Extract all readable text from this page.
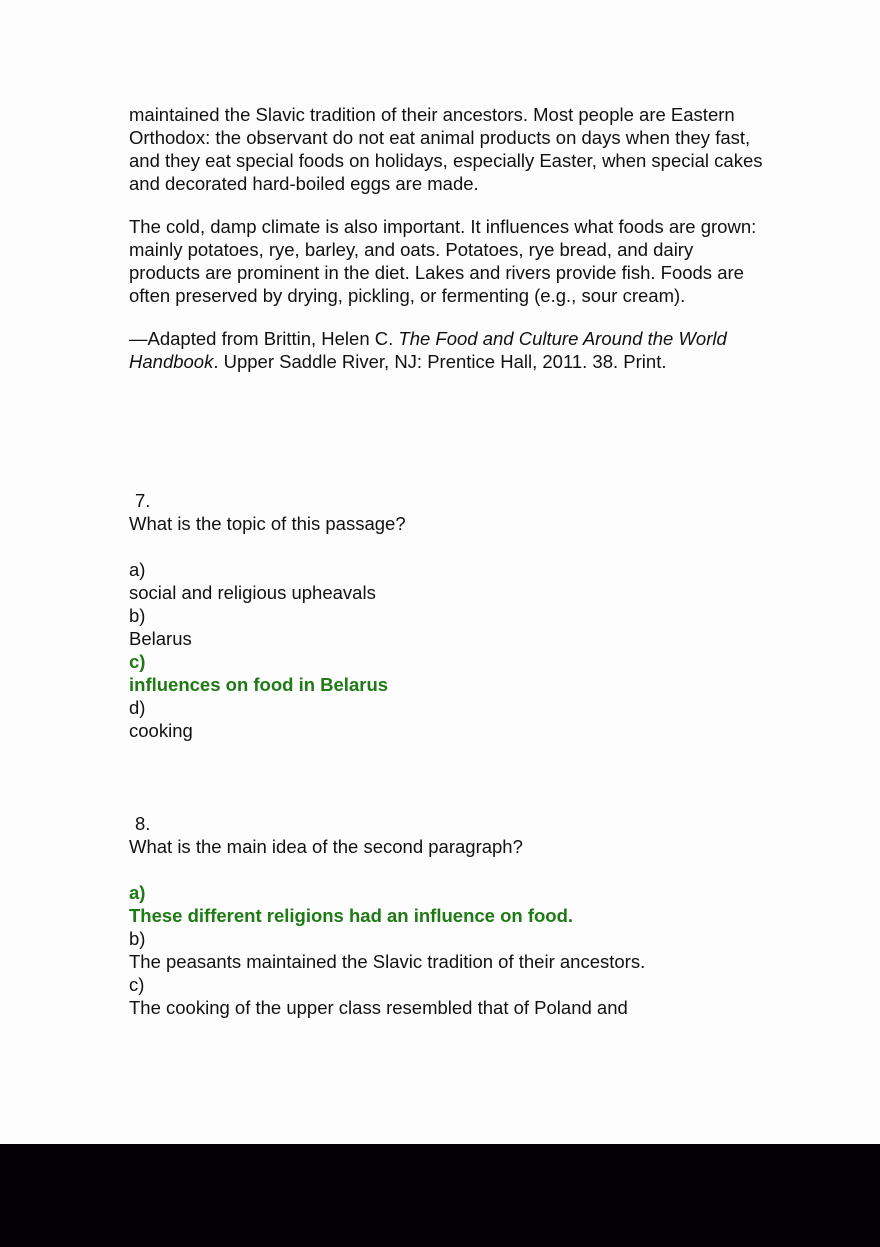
maintained the Slavic tradition of their ancestors. Most people are Eastern Orthodox: the observant do not eat animal products on days when they fast, and they eat special foods on holidays, especially Easter, when special cakes and decorated hard-boiled eggs are made.

The cold, damp climate is also important. It influences what foods are grown: mainly potatoes, rye, barley, and oats. Potatoes, rye bread, and dairy products are prominent in the diet. Lakes and rivers provide fish. Foods are often preserved by drying, pickling, or fermenting (e.g., sour cream).

—Adapted from Brittin, Helen C. The Food and Culture Around the World Handbook. Upper Saddle River, NJ: Prentice Hall, 2011. 38. Print.

7.
What is the topic of this passage?
a)
social and religious upheavals
b)
Belarus
c)
influences on food in Belarus
d)
cooking
8.
What is the main idea of the second paragraph?
a)
These different religions had an influence on food.
b)
The peasants maintained the Slavic tradition of their ancestors.
c)
The cooking of the upper class resembled that of Poland and
